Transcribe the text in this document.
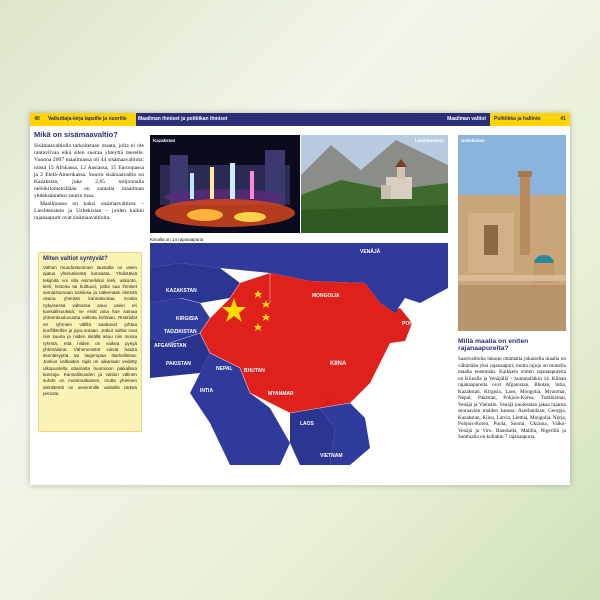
40	Vaikuttaja-kirja lapsille ja nuorille	Maailman ihmiset ja politiikan ihmiset	Maailman valtiot	Politiikka ja hallinto	41
Mikä on sisämaavaltio?

Sisämaavaltiolla tarkoitetaan maata, jolla ei ole rantaviivaa eikä siten suoraa yhteyttä merelle. Vuonna 2007 maailmassa oli 44 sisämaavaltiota: niistä 15 Afrikassa, 12 Aasiassa, 15 Euroopassa ja 2 Etelä-Amerikassa. Suurin sisämaavaltio on Kazakstan, joka 2,65 miljoonalla neliökilometrillään on samalla maailman yhdeksänneksi suurin maa.

Maailmassa on kaksi sisämaavaltiota – Liechtenstein ja Uzbekistan – joiden kaikki rajanaapurit ovat sisämaavaltioita.

Miten valtiot syntyvät?

Valtion muodostuminen taustalla on usein ajatus yhtenäisestä kansasta. Yhdistäviä tekijöitä voi olla esimerkiksi kieli, uskonto, kieli, historia tai kulttuuri, jotka saa ihmiset samaistumaan toisiinsa ja näkemään itsensä osana yhteistä kansakuntaa. Koska nykyisessä valtiossa asuu usein eri kansallisuuksia, ne eivät aina koe samaa yhteenkuuluvuutta valtiota kohtaan. Ristiriidat eri ryhmien välillä saattavat johtaa konflikteihin ja jopa sotaan. Jotkut valtiot ovat niin suuria ja niiden sisällä asuu niin monia ryhmiä, että niiden on vaikea pysyä yhtenäisinä. Vähemmistöt voivat haluta itsenäisyyttä tai laajempaa itsehallintoa. Joskus valtioiden rajat on aikanaan vedetty ulkopuolelta ottamatta huomioon paikallisia kansoja. Kansallisuuden ja valtion välinen suhde on monimutkainen, mutta yhteinen identiteetti on useimmille valtioille tärkeä perusta.

Kazakstan	Liechtenstein
Kiinalla on 14 rajanaapuria
VENÄJÄ
KAZAKSTAN
MONGOLIA
KIRGISIA
TADZIKISTAN
POHJOIS-KOREA
AFGANISTAN
PAKISTAN
NEPAL BHUTAN
KIINA
INTIA	MYANMAR
LAOS
VIETNAM
Uzbekistan
Millä maalla on eniten rajanaapureita?

Saarivaltioita lukuun ottamatta jokaisella maalla on vähintään yksi rajanaapuri, mutta rajoja on monella maalla enemmän. Kaikkein eniten rajanaapureita on Kiinalla ja Venäjällä – kummallakin 14. Kiinan rajanaapureita ovat Afganistan, Bhutan, Intia, Kazakstan, Kirgisia, Laos, Mongolia, Myanmar, Nepal, Pakistan, Pohjois-Korea, Tadzikistan, Venäjä ja Vietnam. Venäjä puolestaan jakaa rajansa seuraavien maiden kanssa: Azerbaidzan, Georgia, Kazakstan, Kiina, Latvia, Liettua, Mongolia, Norja, Pohjois-Korea, Puola, Suomi, Ukraina, Valko-Venäjä ja Viro. Ranskalla, Malilla, Nigerillä ja Sambialla on kullakin 7 rajanaapuria.
